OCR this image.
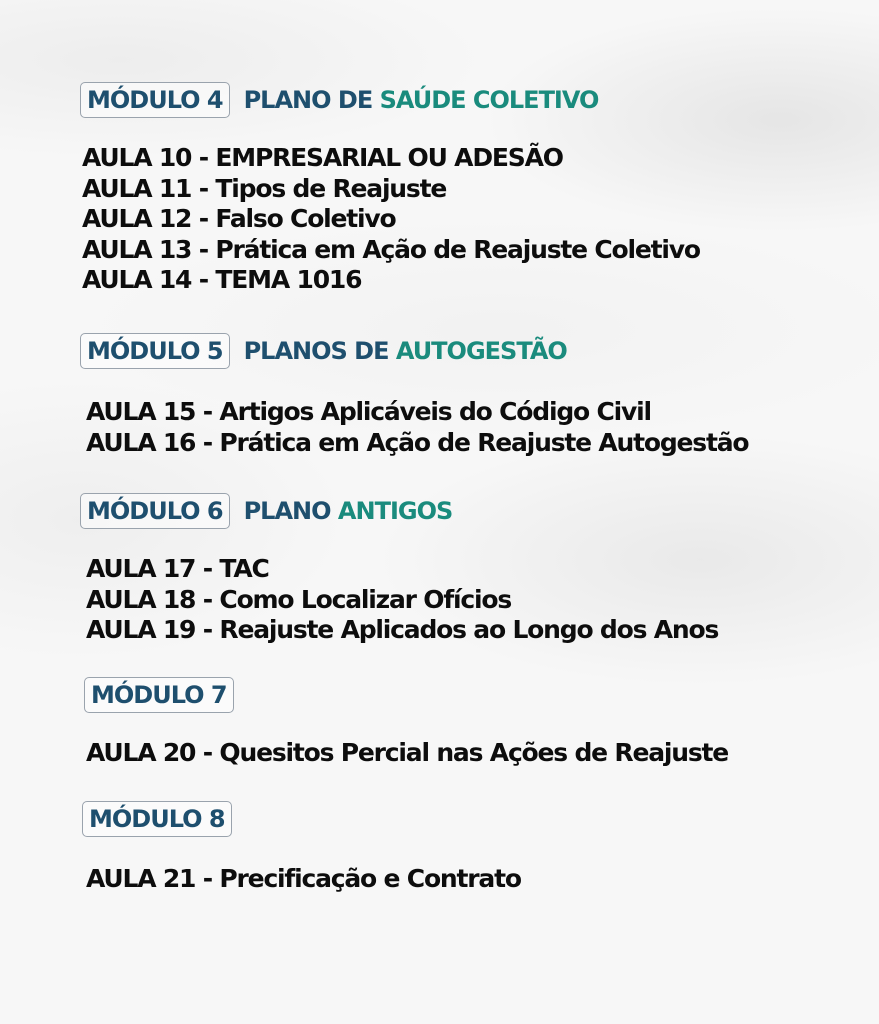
MÓDULO 4 PLANO DE SAÚDE COLETIVO
AULA 10 - EMPRESARIAL OU ADESÃO
AULA 11 - Tipos de Reajuste
AULA 12 - Falso Coletivo
AULA 13 - Prática em Ação de Reajuste Coletivo
AULA 14 - TEMA 1016
MÓDULO 5 PLANOS DE AUTOGESTÃO
AULA 15 - Artigos Aplicáveis do Código Civil
AULA 16 - Prática em Ação de Reajuste Autogestão
MÓDULO 6 PLANO ANTIGOS
AULA 17 - TAC
AULA 18 - Como Localizar Ofícios
AULA 19 - Reajuste Aplicados ao Longo dos Anos
MÓDULO 7
AULA 20 - Quesitos Percial nas Ações de Reajuste
MÓDULO 8
AULA 21 - Precificação e Contrato
